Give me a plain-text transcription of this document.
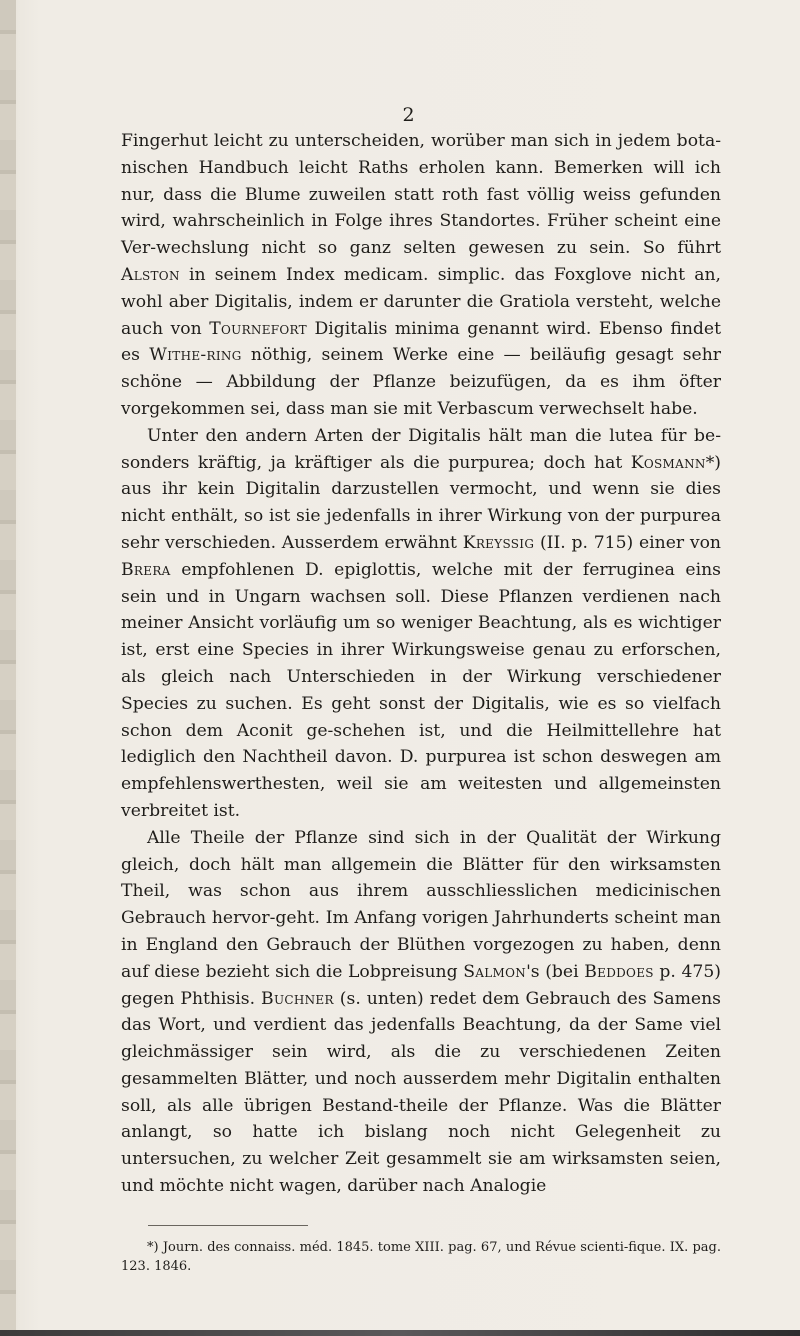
2

Fingerhut leicht zu unterscheiden, worüber man sich in jedem bota-nischen Handbuch leicht Raths erholen kann. Bemerken will ich nur, dass die Blume zuweilen statt roth fast völlig weiss gefunden wird, wahrscheinlich in Folge ihres Standortes. Früher scheint eine Ver-wechslung nicht so ganz selten gewesen zu sein. So führt Alston in seinem Index medicam. simplic. das Foxglove nicht an, wohl aber Digitalis, indem er darunter die Gratiola versteht, welche auch von Tournefort Digitalis minima genannt wird. Ebenso findet es Withe-ring nöthig, seinem Werke eine — beiläufig gesagt sehr schöne — Abbildung der Pflanze beizufügen, da es ihm öfter vorgekommen sei, dass man sie mit Verbascum verwechselt habe.

Unter den andern Arten der Digitalis hält man die lutea für be-sonders kräftig, ja kräftiger als die purpurea; doch hat Kosmann*) aus ihr kein Digitalin darzustellen vermocht, und wenn sie dies nicht enthält, so ist sie jedenfalls in ihrer Wirkung von der purpurea sehr verschieden. Ausserdem erwähnt Kreyssig (II. p. 715) einer von Brera empfohlenen D. epiglottis, welche mit der ferruginea eins sein und in Ungarn wachsen soll. Diese Pflanzen verdienen nach meiner Ansicht vorläufig um so weniger Beachtung, als es wichtiger ist, erst eine Species in ihrer Wirkungsweise genau zu erforschen, als gleich nach Unterschieden in der Wirkung verschiedener Species zu suchen. Es geht sonst der Digitalis, wie es so vielfach schon dem Aconit ge-schehen ist, und die Heilmittellehre hat lediglich den Nachtheil davon. D. purpurea ist schon deswegen am empfehlenswerthesten, weil sie am weitesten und allgemeinsten verbreitet ist.

Alle Theile der Pflanze sind sich in der Qualität der Wirkung gleich, doch hält man allgemein die Blätter für den wirksamsten Theil, was schon aus ihrem ausschliesslichen medicinischen Gebrauch hervor-geht. Im Anfang vorigen Jahrhunderts scheint man in England den Gebrauch der Blüthen vorgezogen zu haben, denn auf diese bezieht sich die Lobpreisung Salmon's (bei Beddoes p. 475) gegen Phthisis. Buchner (s. unten) redet dem Gebrauch des Samens das Wort, und verdient das jedenfalls Beachtung, da der Same viel gleichmässiger sein wird, als die zu verschiedenen Zeiten gesammelten Blätter, und noch ausserdem mehr Digitalin enthalten soll, als alle übrigen Bestand-theile der Pflanze. Was die Blätter anlangt, so hatte ich bislang noch nicht Gelegenheit zu untersuchen, zu welcher Zeit gesammelt sie am wirksamsten seien, und möchte nicht wagen, darüber nach Analogie

*) Journ. des connaiss. méd. 1845. tome XIII. pag. 67, und Révue scienti-fique. IX. pag. 123. 1846.
